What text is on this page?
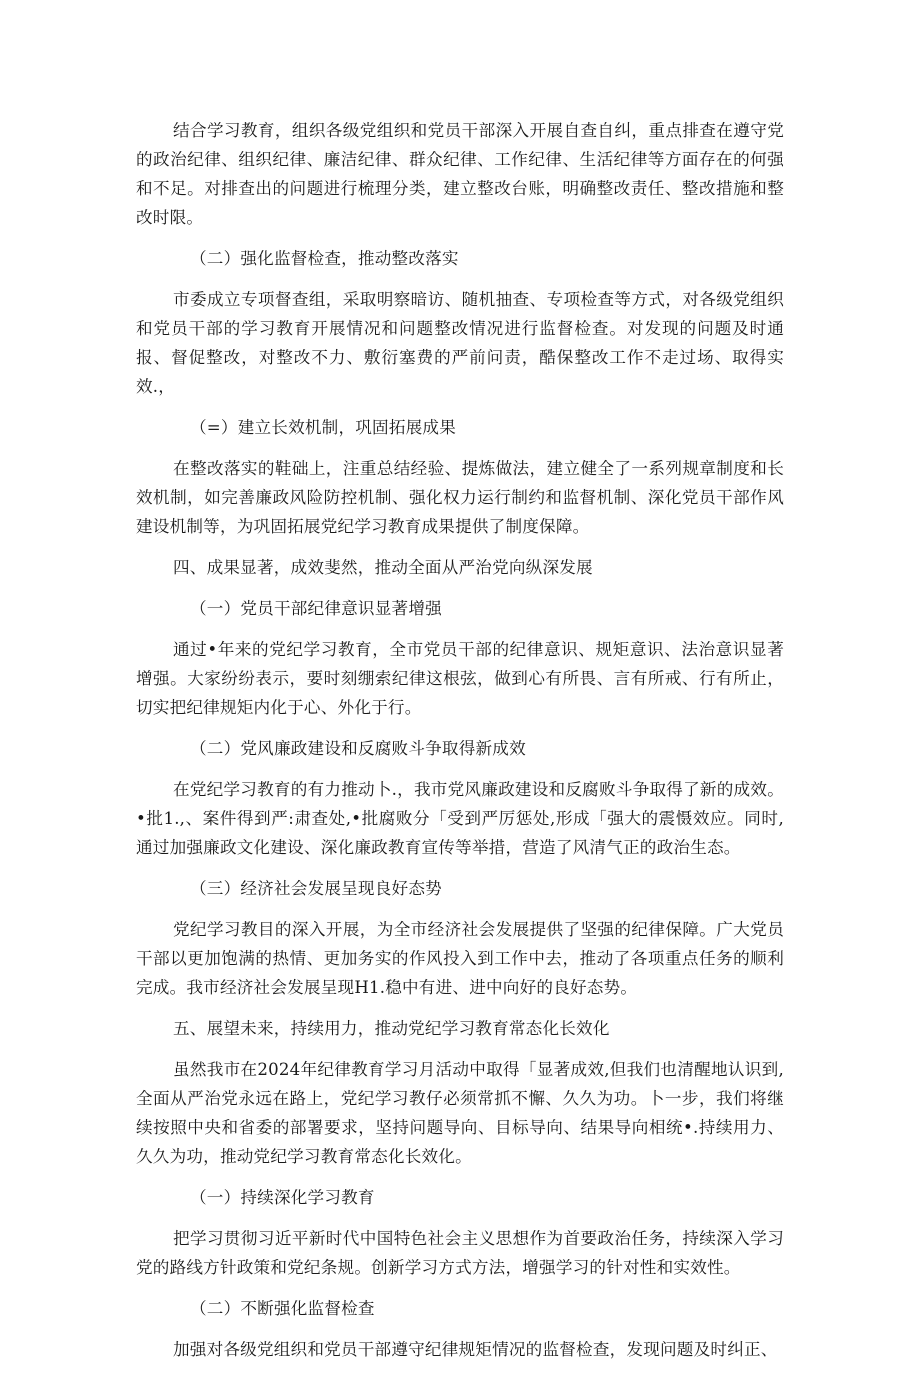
结合学习教育，组织各级党组织和党员干部深入开展自查自纠，重点排查在遵守党的政治纪律、组织纪律、廉洁纪律、群众纪律、工作纪律、生活纪律等方面存在的何强和不足。对排查出的问题进行梳理分类，建立整改台账，明确整改责任、整改措施和整改时限。

（二）强化监督检查，推动整改落实

市委成立专项督查组，采取明察暗访、随机抽查、专项检查等方式，对各级党组织和党员干部的学习教育开展情况和问题整改情况进行监督检查。对发现的问题及时通报、督促整改，对整改不力、敷衍塞费的严前问责，酷保整改工作不走过场、取得实效.，

（=）建立长效机制，巩固拓展成果

在整改落实的鞋础上，注重总结经验、提炼做法，建立健全了一系列规章制度和长效机制，如完善廉政风险防控机制、强化权力运行制约和监督机制、深化党员干部作风建设机制等，为巩固拓展党纪学习教育成果提供了制度保障。

四、成果显著，成效斐然，推动全面从严治党向纵深发展

（一）党员干部纪律意识显著增强

通过•年来的党纪学习教育，全市党员干部的纪律意识、规矩意识、法治意识显著增强。大家纷纷表示，要时刻绷索纪律这根弦，做到心有所畏、言有所戒、行有所止，切实把纪律规矩内化于心、外化于行。

（二）党风廉政建设和反腐败斗争取得新成效

在党纪学习教育的有力推动卜.，我市党风廉政建设和反腐败斗争取得了新的成效。•批1.,、案件得到严:肃查处,•批腐败分「受到严厉惩处,形成「强大的震慑效应。同时,通过加强廉政文化建设、深化廉政教育宣传等举措，营造了风清气正的政治生态。

（三）经济社会发展呈现良好态势

党纪学习教目的深入开展，为全市经济社会发展提供了坚强的纪律保障。广大党员干部以更加饱满的热情、更加务实的作风投入到工作中去，推动了各项重点任务的顺利完成。我市经济社会发展呈现H1.稳中有进、进中向好的良好态势。

五、展望未来，持续用力，推动党纪学习教育常态化长效化

虽然我市在2024年纪律教育学习月活动中取得「显著成效,但我们也清醒地认识到,全面从严治党永远在路上，党纪学习教仔必须常抓不懈、久久为功。卜一步，我们将继续按照中央和省委的部署要求，坚持问题导向、目标导向、结果导向相统•.持续用力、久久为功，推动党纪学习教育常态化长效化。

（一）持续深化学习教育

把学习贯彻习近平新时代中国特色社会主义思想作为首要政治任务，持续深入学习党的路线方针政策和党纪条规。创新学习方式方法，增强学习的针对性和实效性。

（二）不断强化监督检查

加强对各级党组织和党员干部遵守纪律规矩情况的监督检查，发现问题及时纠正、
